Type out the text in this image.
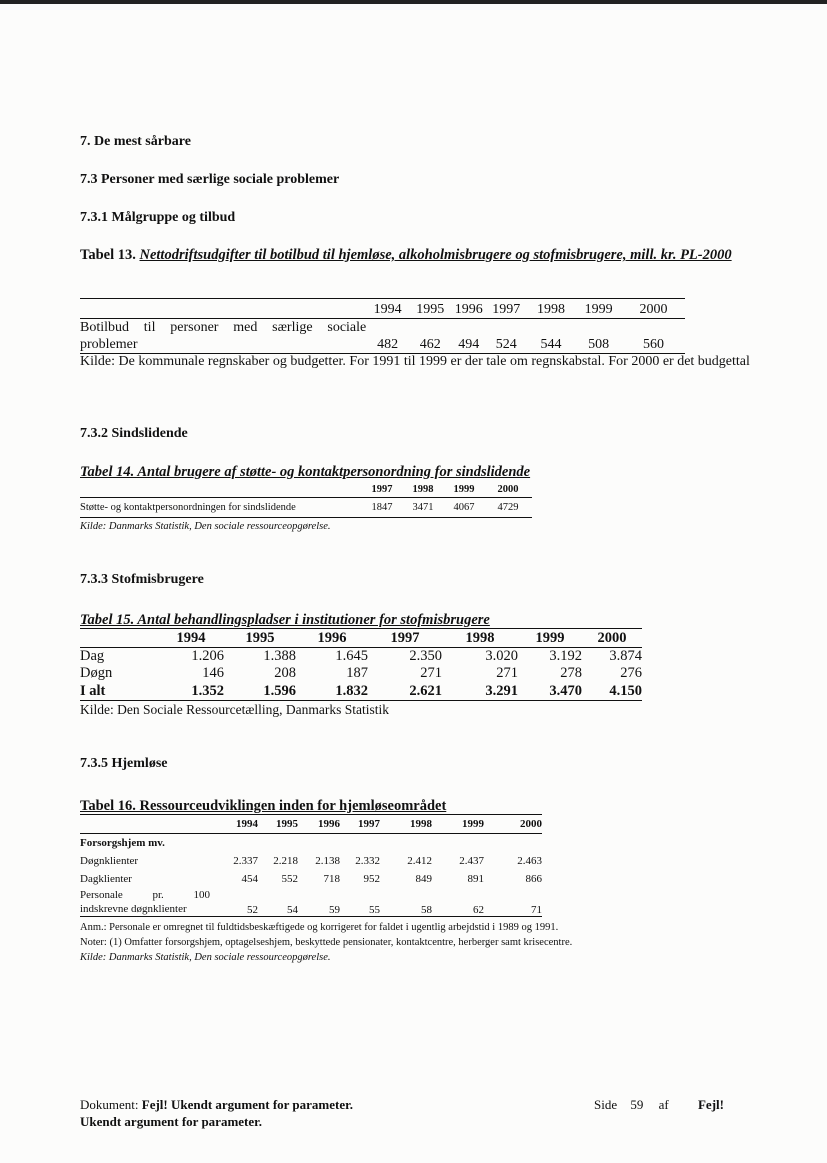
7. De mest sårbare
7.3 Personer med særlige sociale problemer
7.3.1 Målgruppe og tilbud
Tabel 13. Nettodriftsudgifter til botilbud til hjemløse, alkoholmisbrugere og stofmisbrugere, mill. kr. PL-2000
	1994	1995	1996	1997	1998	1999	2000

Botilbud til personer med særlige sociale
problemer	482	462	494	524	544	508	560
Kilde: De kommunale regnskaber og budgetter. For 1991 til 1999 er der tale om regnskabstal. For 2000 er det budgettal
7.3.2 Sindslidende
Tabel 14. Antal brugere af støtte- og kontaktpersonordning for sindslidende
	1997	1998	1999	2000
Støtte- og kontaktpersonordningen for sindslidende	1847	3471	4067	4729
Kilde: Danmarks Statistik, Den sociale ressourceopgørelse.
7.3.3 Stofmisbrugere
Tabel 15. Antal behandlingspladser i institutioner for stofmisbrugere
	1994	1995	1996	1997	1998	1999	2000
Dag	1.206	1.388	1.645	2.350	3.020	3.192	3.874
Døgn	146	208	187	271	271	278	276
I alt	1.352	1.596	1.832	2.621	3.291	3.470	4.150
Kilde: Den Sociale Ressourcetælling, Danmarks Statistik
7.3.5 Hjemløse
Tabel 16. Ressourceudviklingen inden for hjemløseområdet
	1994	1995	1996	1997	1998	1999	2000
Forsorgshjem mv.							
Døgnklienter	2.337	2.218	2.138	2.332	2.412	2.437	2.463
Dagklienter	454	552	718	952	849	891	866

Personale pr. 100
indskrevne døgnklienter	52	54	59	55	58	62	71
Anm.: Personale er omregnet til fuldtidsbeskæftigede og korrigeret for faldet i ugentlig arbejdstid i 1989 og 1991.
Noter: (1) Omfatter forsorgshjem, optagelseshjem, beskyttede pensionater, kontaktcentre, herberger samt krisecentre.
Kilde: Danmarks Statistik, Den sociale ressourceopgørelse.
Dokument: Fejl! Ukendt argument for parameter.
Ukendt argument for parameter.
Side 59 af Fejl!
